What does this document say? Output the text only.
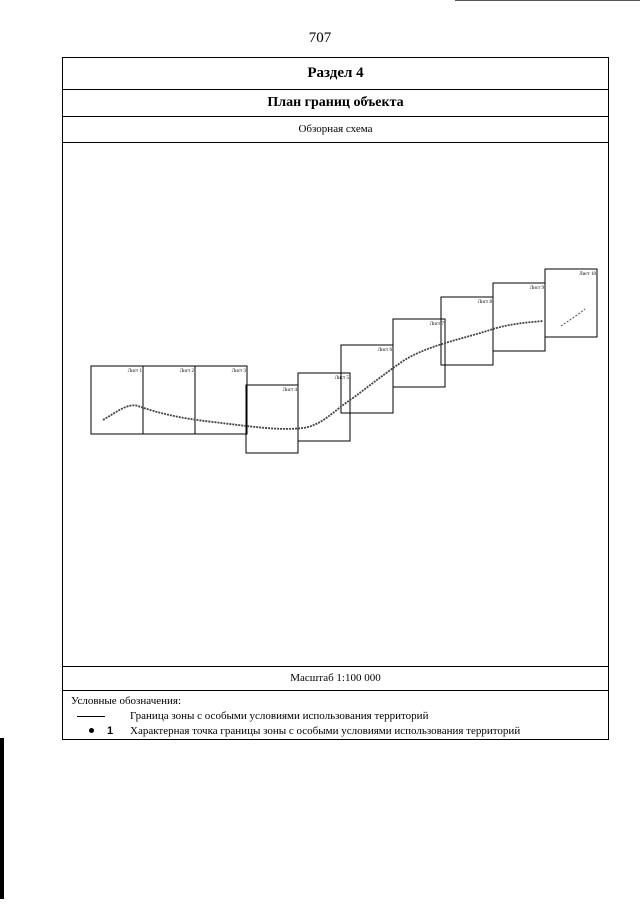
707
Раздел 4
План границ объекта
Обзорная схема
Лист 1	Лист 2	Лист 3
Лист 4
Лист 5
Лист 6
Лист 7
Лист 8
Лист 9
Лист 10
Масштаб 1:100 000
Условные обозначения:
Граница зоны с особыми условиями использования территорий
1 Характерная точка границы зоны с особыми условиями использования территорий
